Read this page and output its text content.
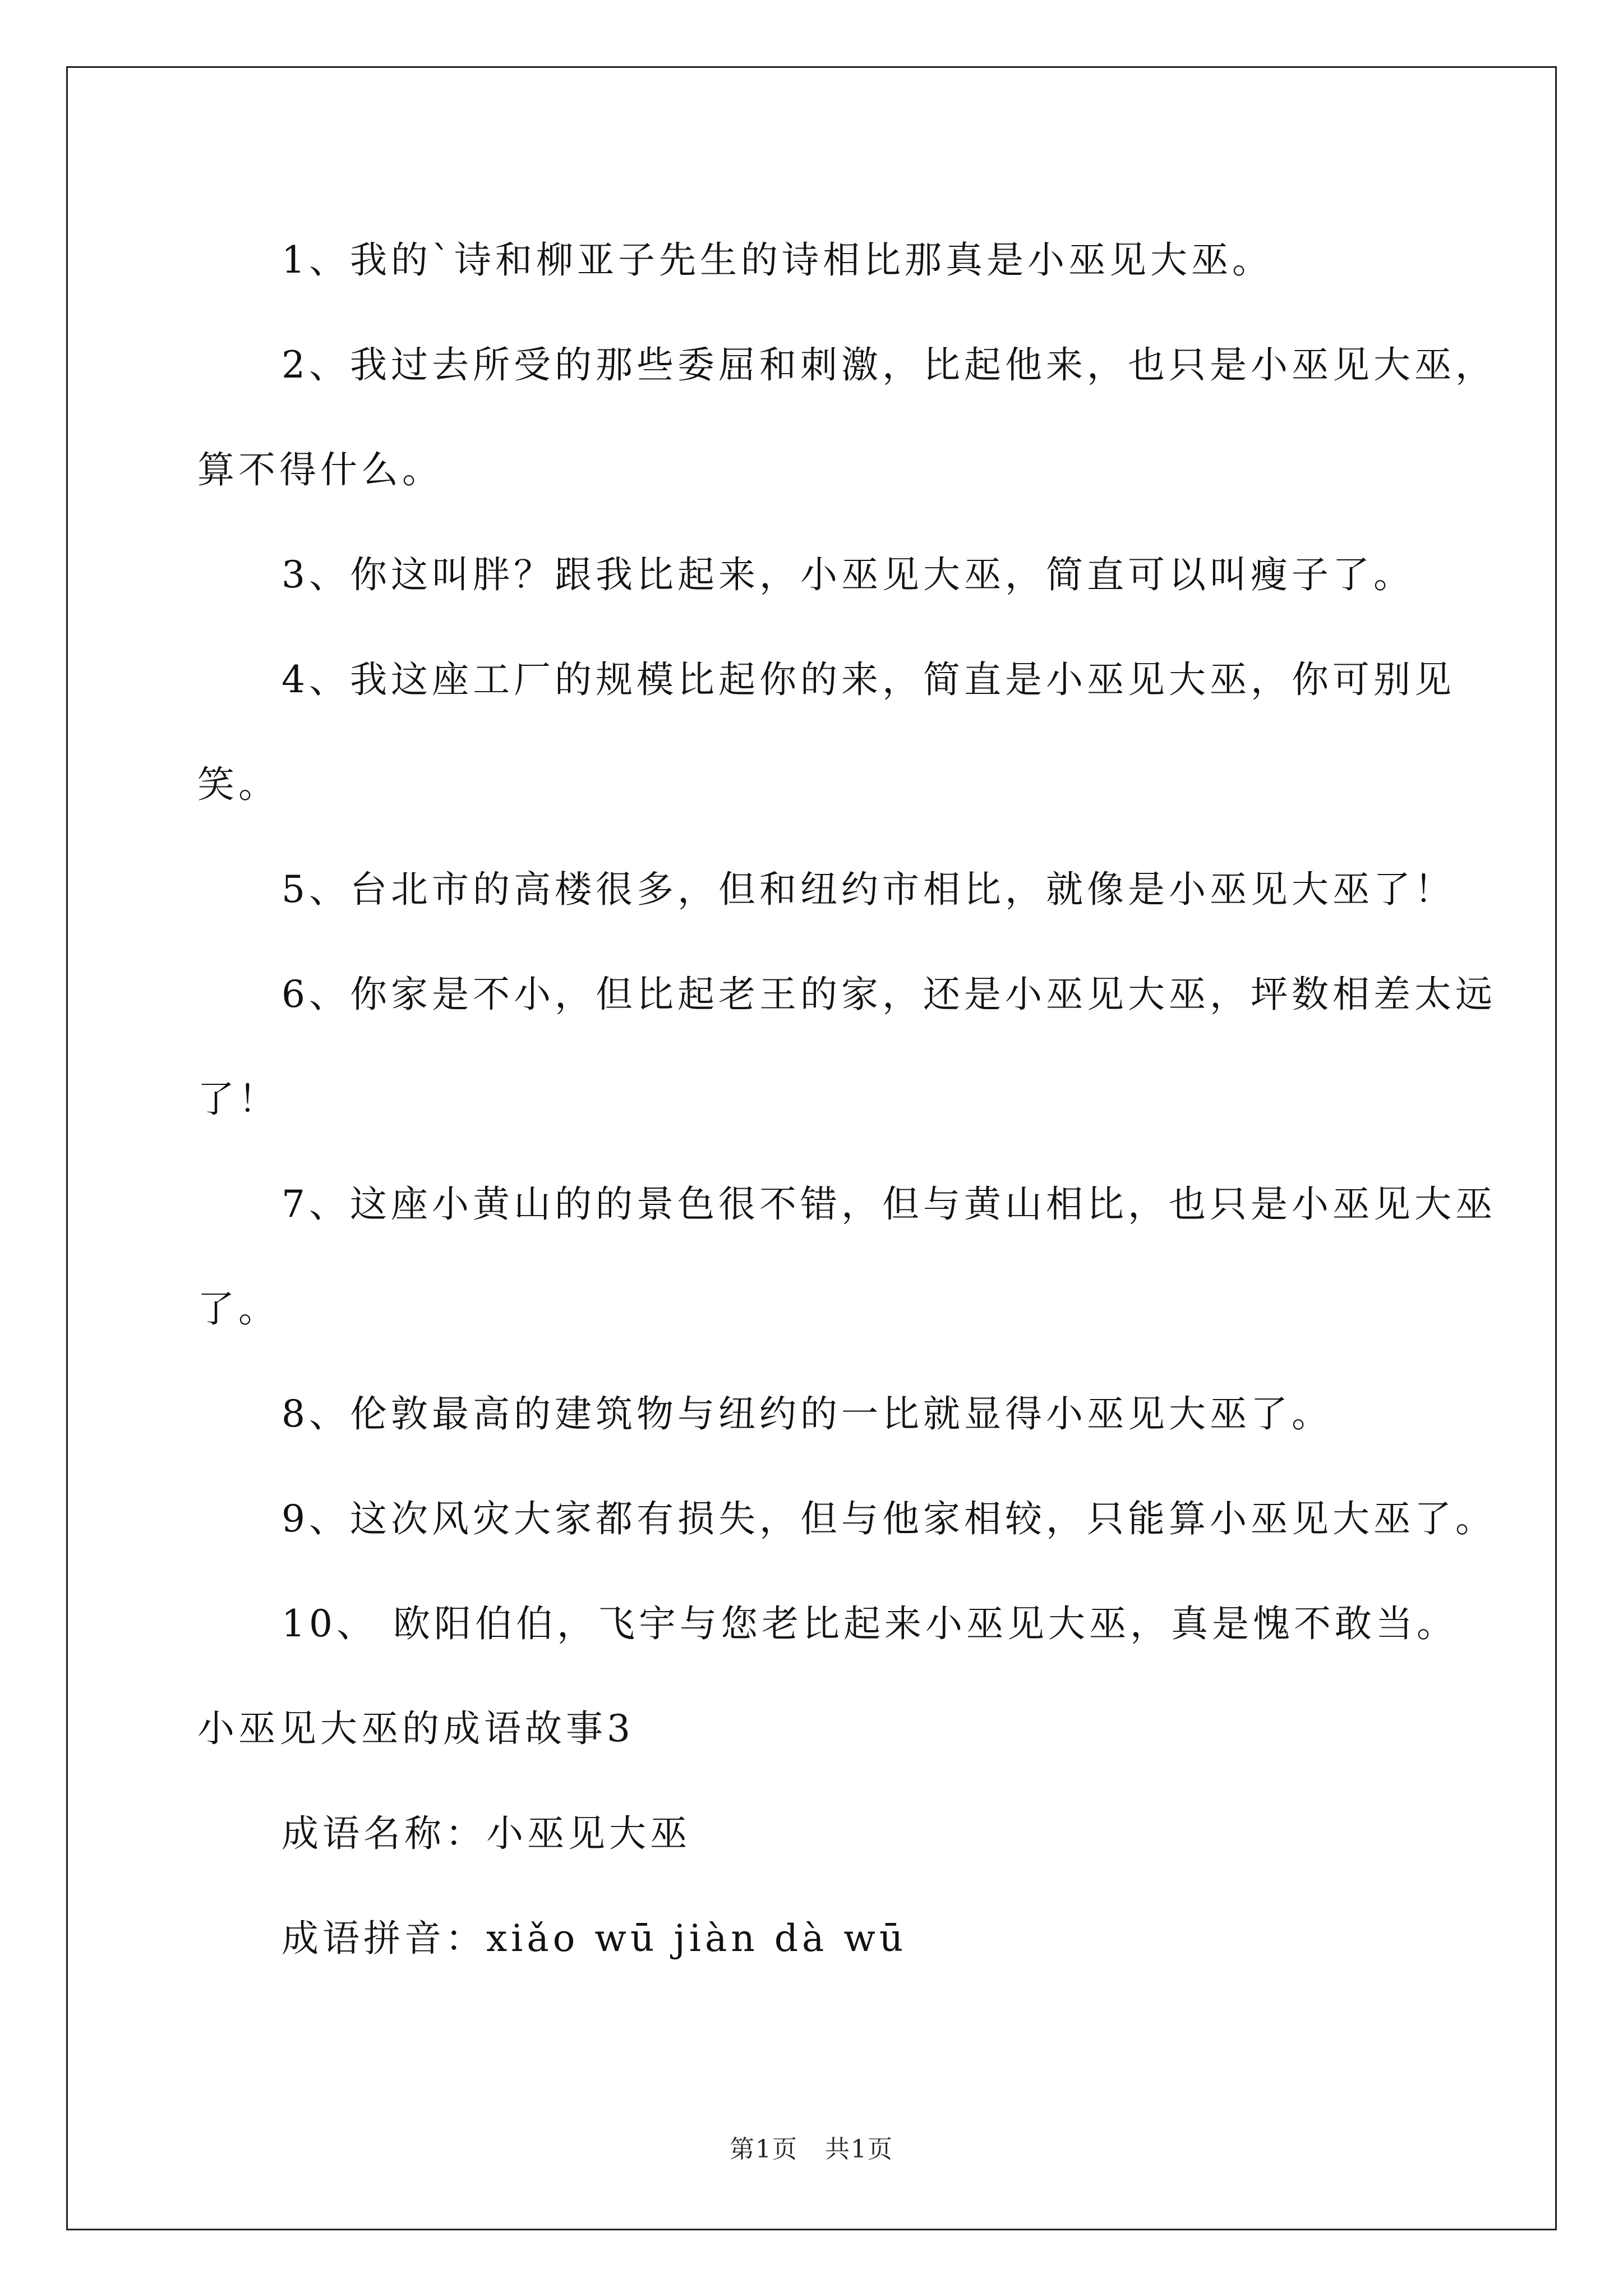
1、我的`诗和柳亚子先生的诗相比那真是小巫见大巫。

2、我过去所受的那些委屈和刺激，比起他来，也只是小巫见大巫，算不得什么。

3、你这叫胖？跟我比起来，小巫见大巫，简直可以叫瘦子了。

4、我这座工厂的规模比起你的来，简直是小巫见大巫，你可别见笑。

5、台北市的高楼很多，但和纽约市相比，就像是小巫见大巫了！

6、你家是不小，但比起老王的家，还是小巫见大巫，坪数相差太远了！

7、这座小黄山的的景色很不错，但与黄山相比，也只是小巫见大巫了。

8、伦敦最高的建筑物与纽约的一比就显得小巫见大巫了。

9、这次风灾大家都有损失，但与他家相较，只能算小巫见大巫了。

10、 欧阳伯伯，飞宇与您老比起来小巫见大巫，真是愧不敢当。

小巫见大巫的成语故事3

成语名称：小巫见大巫

成语拼音：xiǎo wū jiàn dà wū

第1页 共1页
